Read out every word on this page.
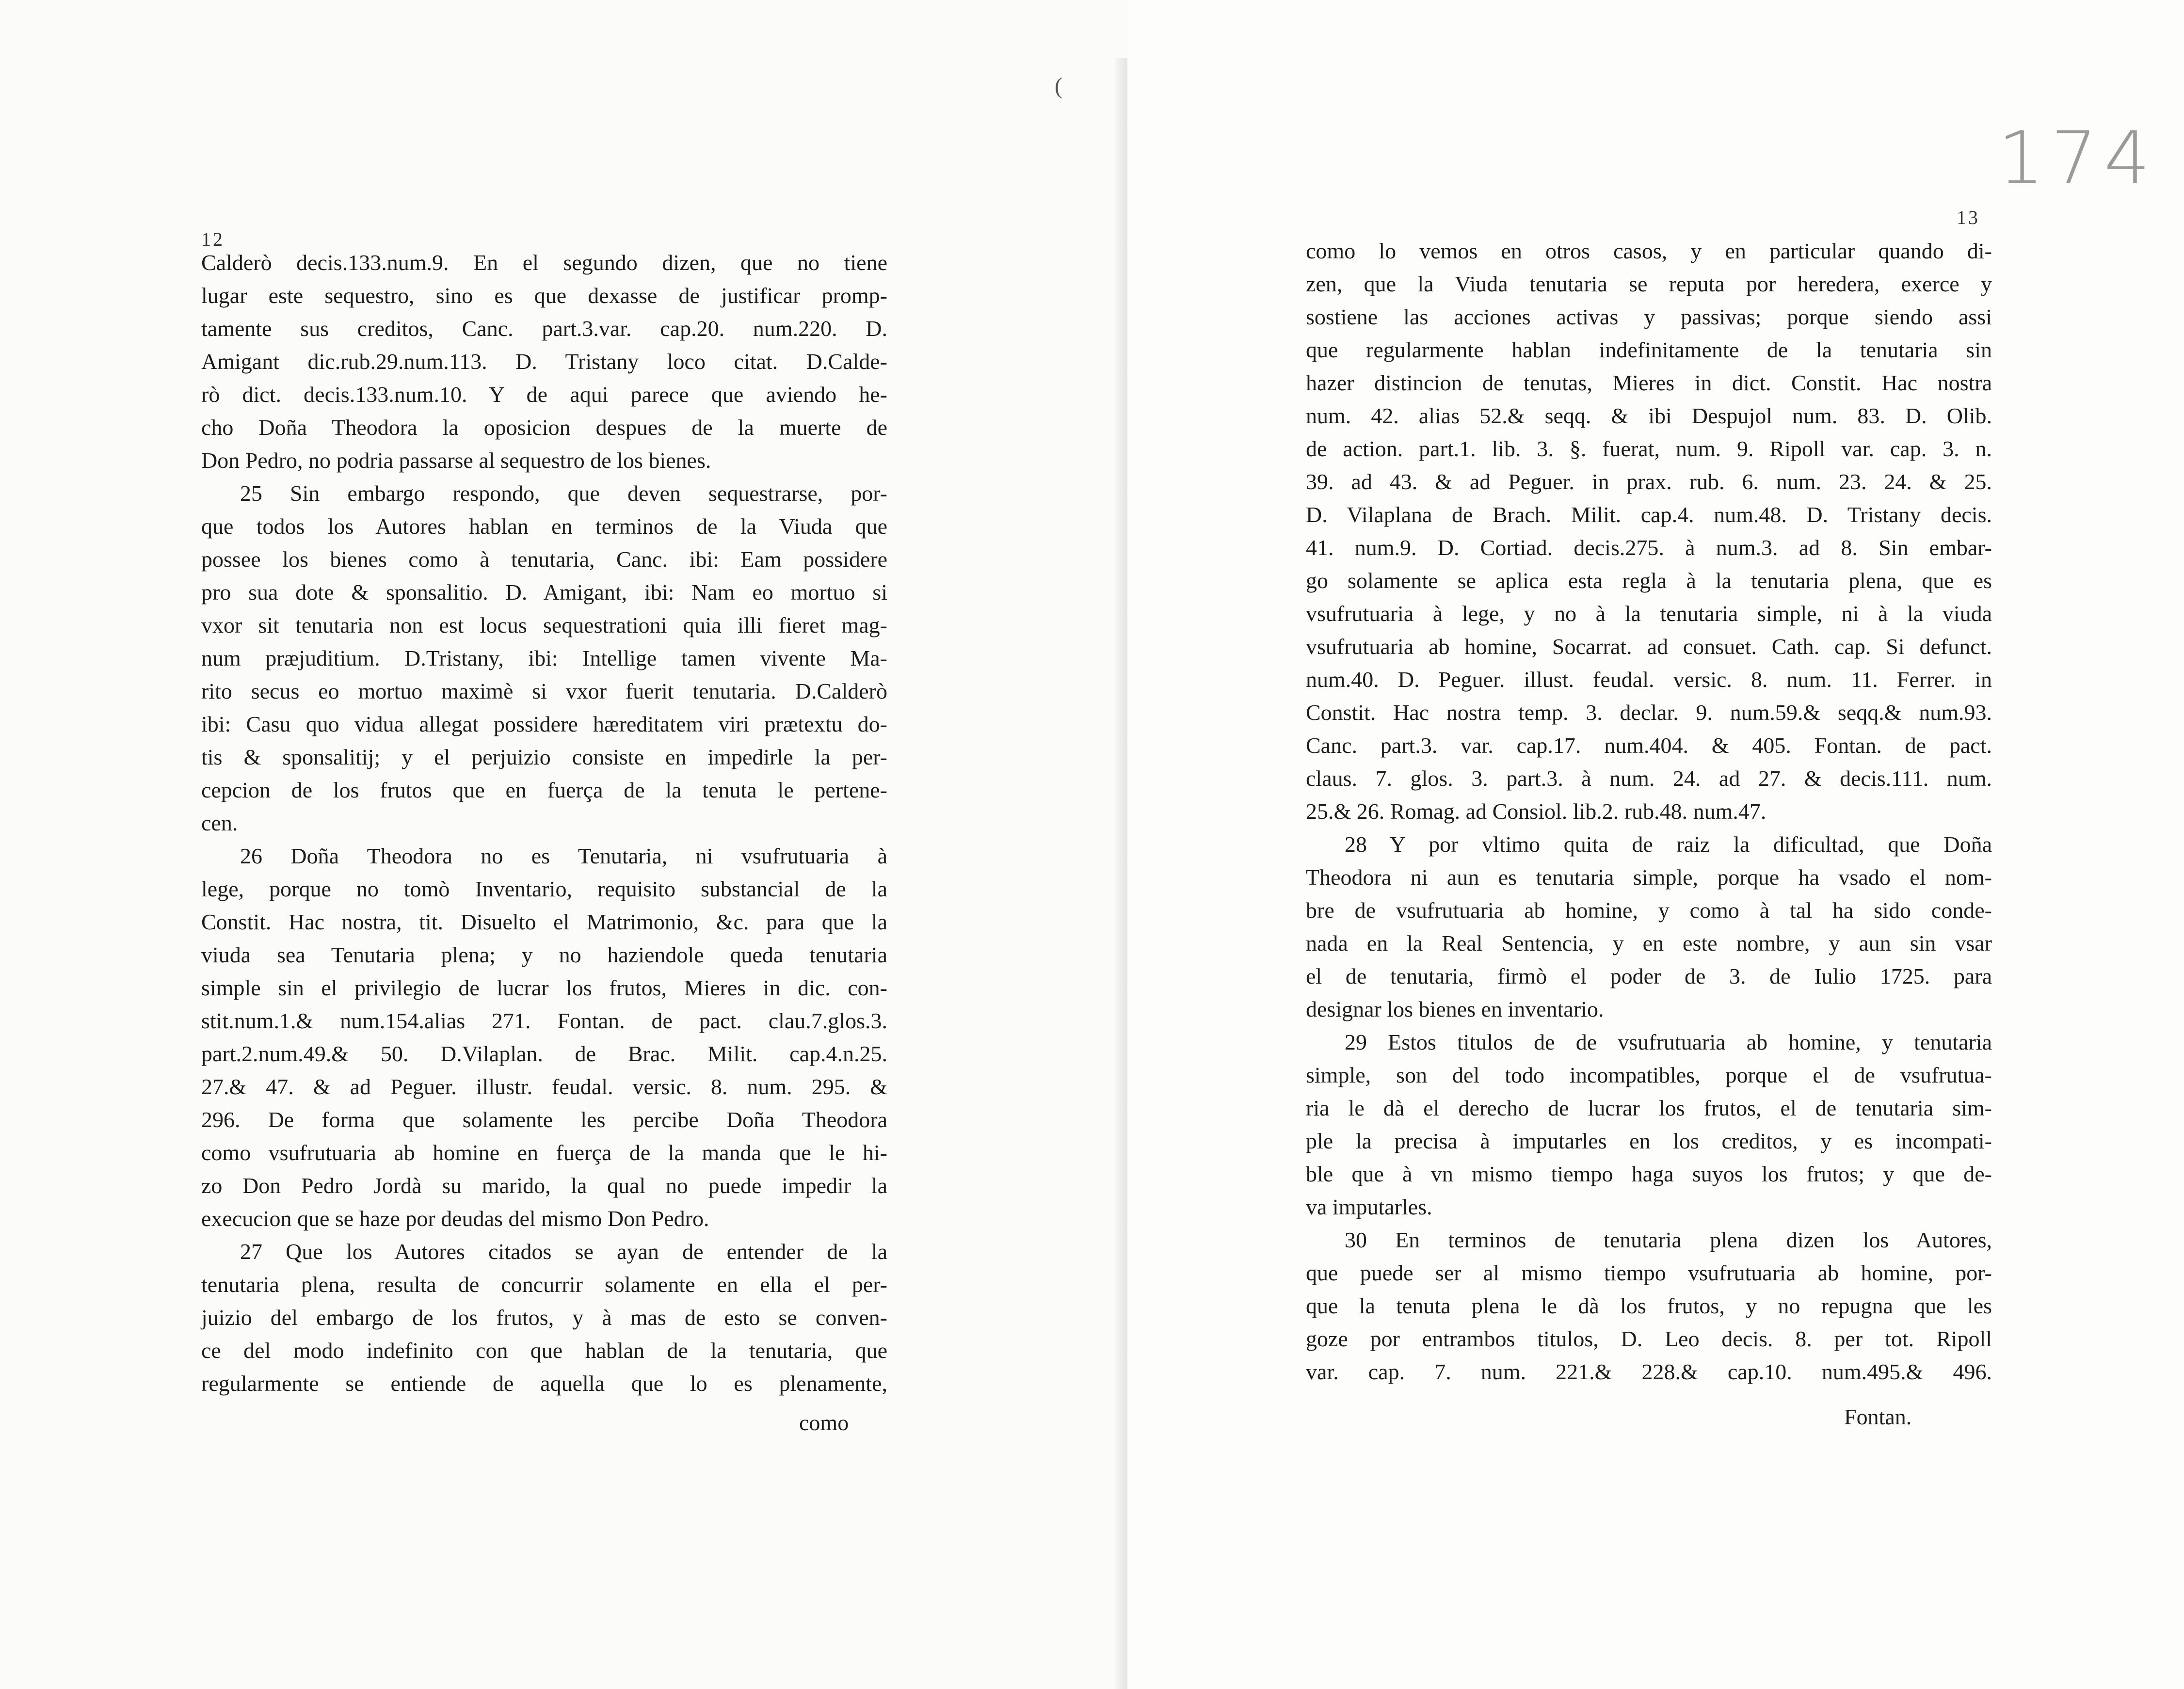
12
Calderò decis.133.num.9. En el segundo dizen, que no tiene
lugar este sequestro, sino es que dexasse de justificar promp-
tamente sus creditos, Canc. part.3.var. cap.20. num.220. D.
Amigant dic.rub.29.num.113. D. Tristany loco citat. D.Calde-
rò dict. decis.133.num.10. Y de aqui parece que aviendo he-
cho Doña Theodora la oposicion despues de la muerte de
Don Pedro, no podria passarse al sequestro de los bienes.
25 Sin embargo respondo, que deven sequestrarse, por-
que todos los Autores hablan en terminos de la Viuda que
possee los bienes como à tenutaria, Canc. ibi: Eam possidere
pro sua dote & sponsalitio. D. Amigant, ibi: Nam eo mortuo si
vxor sit tenutaria non est locus sequestrationi quia illi fieret mag-
num præjuditium. D.Tristany, ibi: Intellige tamen vivente Ma-
rito secus eo mortuo maximè si vxor fuerit tenutaria. D.Calderò
ibi: Casu quo vidua allegat possidere hæreditatem viri prætextu do-
tis & sponsalitij; y el perjuizio consiste en impedirle la per-
cepcion de los frutos que en fuerça de la tenuta le pertene-
cen.
26 Doña Theodora no es Tenutaria, ni vsufrutuaria à
lege, porque no tomò Inventario, requisito substancial de la
Constit. Hac nostra, tit. Disuelto el Matrimonio, &c. para que la
viuda sea Tenutaria plena; y no haziendole queda tenutaria
simple sin el privilegio de lucrar los frutos, Mieres in dic. con-
stit.num.1.& num.154.alias 271. Fontan. de pact. clau.7.glos.3.
part.2.num.49.& 50. D.Vilaplan. de Brac. Milit. cap.4.n.25.
27.& 47. & ad Peguer. illustr. feudal. versic. 8. num. 295. &
296. De forma que solamente les percibe Doña Theodora
como vsufrutuaria ab homine en fuerça de la manda que le hi-
zo Don Pedro Jordà su marido, la qual no puede impedir la
execucion que se haze por deudas del mismo Don Pedro.
27 Que los Autores citados se ayan de entender de la
tenutaria plena, resulta de concurrir solamente en ella el per-
juizio del embargo de los frutos, y à mas de esto se conven-
ce del modo indefinito con que hablan de la tenutaria, que
regularmente se entiende de aquella que lo es plenamente,
como
(
13
como lo vemos en otros casos, y en particular quando di-
zen, que la Viuda tenutaria se reputa por heredera, exerce y
sostiene las acciones activas y passivas; porque siendo assi
que regularmente hablan indefinitamente de la tenutaria sin
hazer distincion de tenutas, Mieres in dict. Constit. Hac nostra
num. 42. alias 52.& seqq. & ibi Despujol num. 83. D. Olib.
de action. part.1. lib. 3. §. fuerat, num. 9. Ripoll var. cap. 3. n.
39. ad 43. & ad Peguer. in prax. rub. 6. num. 23. 24. & 25.
D. Vilaplana de Brach. Milit. cap.4. num.48. D. Tristany decis.
41. num.9. D. Cortiad. decis.275. à num.3. ad 8. Sin embar-
go solamente se aplica esta regla à la tenutaria plena, que es
vsufrutuaria à lege, y no à la tenutaria simple, ni à la viuda
vsufrutuaria ab homine, Socarrat. ad consuet. Cath. cap. Si defunct.
num.40. D. Peguer. illust. feudal. versic. 8. num. 11. Ferrer. in
Constit. Hac nostra temp. 3. declar. 9. num.59.& seqq.& num.93.
Canc. part.3. var. cap.17. num.404. & 405. Fontan. de pact.
claus. 7. glos. 3. part.3. à num. 24. ad 27. & decis.111. num.
25.& 26. Romag. ad Consiol. lib.2. rub.48. num.47.
28 Y por vltimo quita de raiz la dificultad, que Doña
Theodora ni aun es tenutaria simple, porque ha vsado el nom-
bre de vsufrutuaria ab homine, y como à tal ha sido conde-
nada en la Real Sentencia, y en este nombre, y aun sin vsar
el de tenutaria, firmò el poder de 3. de Iulio 1725. para
designar los bienes en inventario.
29 Estos titulos de de vsufrutuaria ab homine, y tenutaria
simple, son del todo incompatibles, porque el de vsufrutua-
ria le dà el derecho de lucrar los frutos, el de tenutaria sim-
ple la precisa à imputarles en los creditos, y es incompati-
ble que à vn mismo tiempo haga suyos los frutos; y que de-
va imputarles.
30 En terminos de tenutaria plena dizen los Autores,
que puede ser al mismo tiempo vsufrutuaria ab homine, por-
que la tenuta plena le dà los frutos, y no repugna que les
goze por entrambos titulos, D. Leo decis. 8. per tot. Ripoll
var. cap. 7. num. 221.& 228.& cap.10. num.495.& 496.
Fontan.
174
